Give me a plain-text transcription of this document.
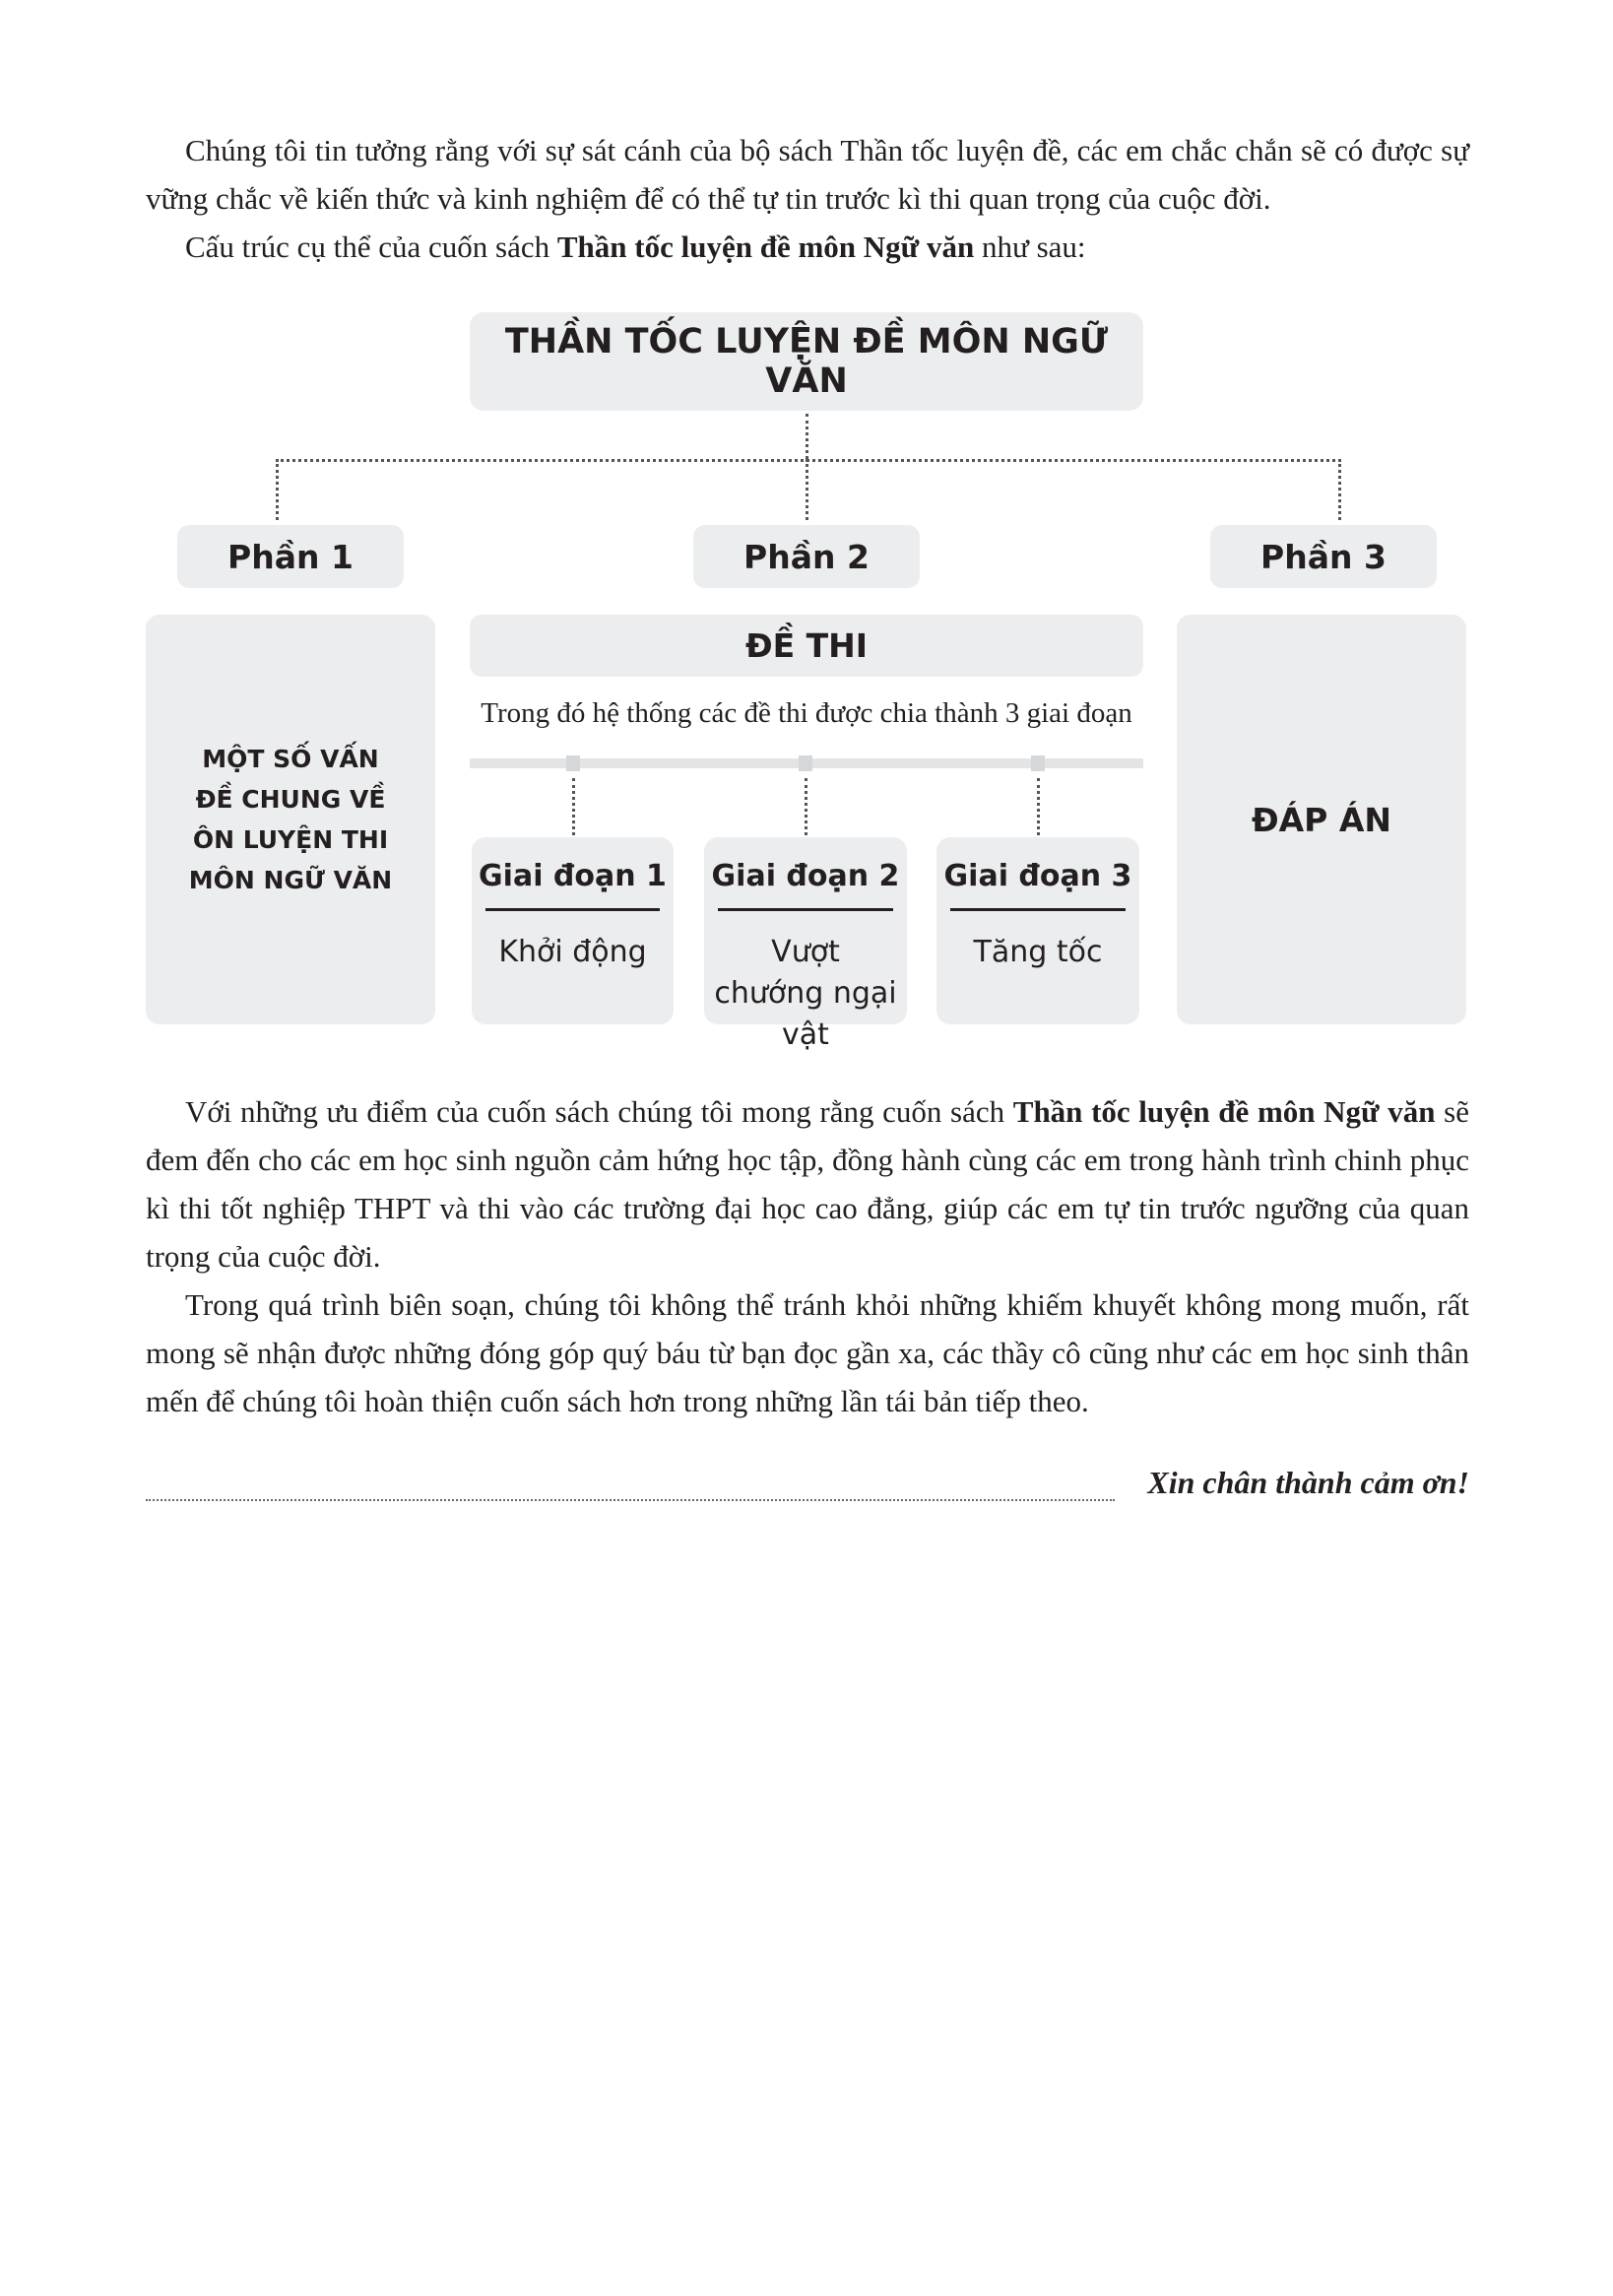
Chúng tôi tin tưởng rằng với sự sát cánh của bộ sách Thần tốc luyện đề, các em chắc chắn sẽ có được sự vững chắc về kiến thức và kinh nghiệm để có thể tự tin trước kì thi quan trọng của cuộc đời.

Cấu trúc cụ thể của cuốn sách Thần tốc luyện đề môn Ngữ văn như sau:

THẦN TỐC LUYỆN ĐỀ MÔN NGỮ VĂN
Phần 1	Phần 2	Phần 3
MỘT SỐ VẤN ĐỀ CHUNG VỀ ÔN LUYỆN THI MÔN NGỮ VĂN
ĐỀ THI
Trong đó hệ thống các đề thi được chia thành 3 giai đoạn
Giai đoạn 1
Khởi động
Giai đoạn 2
Vượt chướng ngại vật
Giai đoạn 3
Tăng tốc
ĐÁP ÁN

Với những ưu điểm của cuốn sách chúng tôi mong rằng cuốn sách Thần tốc luyện đề môn Ngữ văn sẽ đem đến cho các em học sinh nguồn cảm hứng học tập, đồng hành cùng các em trong hành trình chinh phục kì thi tốt nghiệp THPT và thi vào các trường đại học cao đẳng, giúp các em tự tin trước ngưỡng của quan trọng của cuộc đời.

Trong quá trình biên soạn, chúng tôi không thể tránh khỏi những khiếm khuyết không mong muốn, rất mong sẽ nhận được những đóng góp quý báu từ bạn đọc gần xa, các thầy cô cũng như các em học sinh thân mến để chúng tôi hoàn thiện cuốn sách hơn trong những lần tái bản tiếp theo.

Xin chân thành cảm ơn!
